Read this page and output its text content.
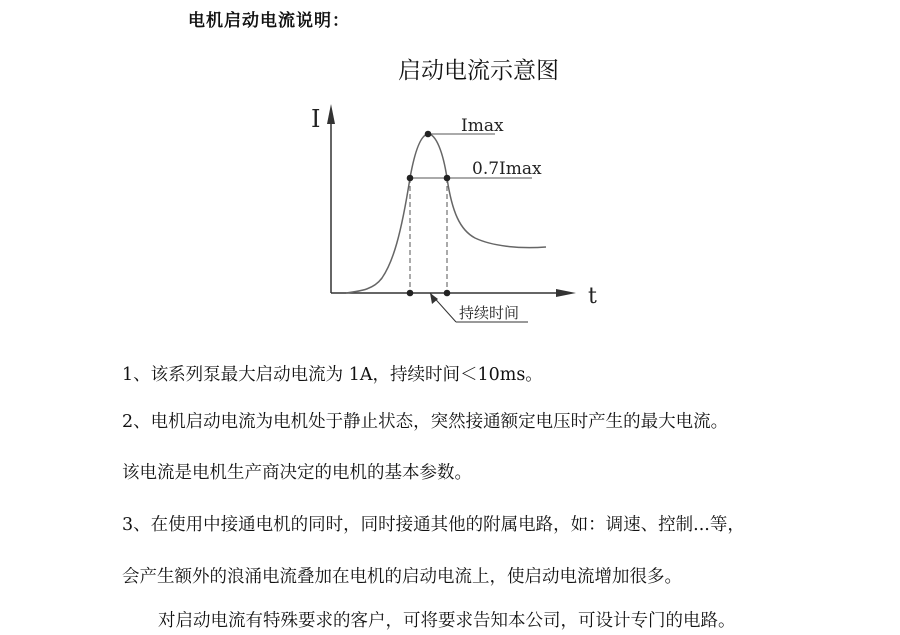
电机启动电流说明：
启动电流示意图
I
t
Imax
0.7Imax
持续时间
1、该系列泵最大启动电流为 1A，持续时间＜10ms。
2、电机启动电流为电机处于静止状态，突然接通额定电压时产生的最大电流。
该电流是电机生产商决定的电机的基本参数。
3、在使用中接通电机的同时，同时接通其他的附属电路，如：调速、控制...等，
会产生额外的浪涌电流叠加在电机的启动电流上，使启动电流增加很多。
对启动电流有特殊要求的客户，可将要求告知本公司，可设计专门的电路。
